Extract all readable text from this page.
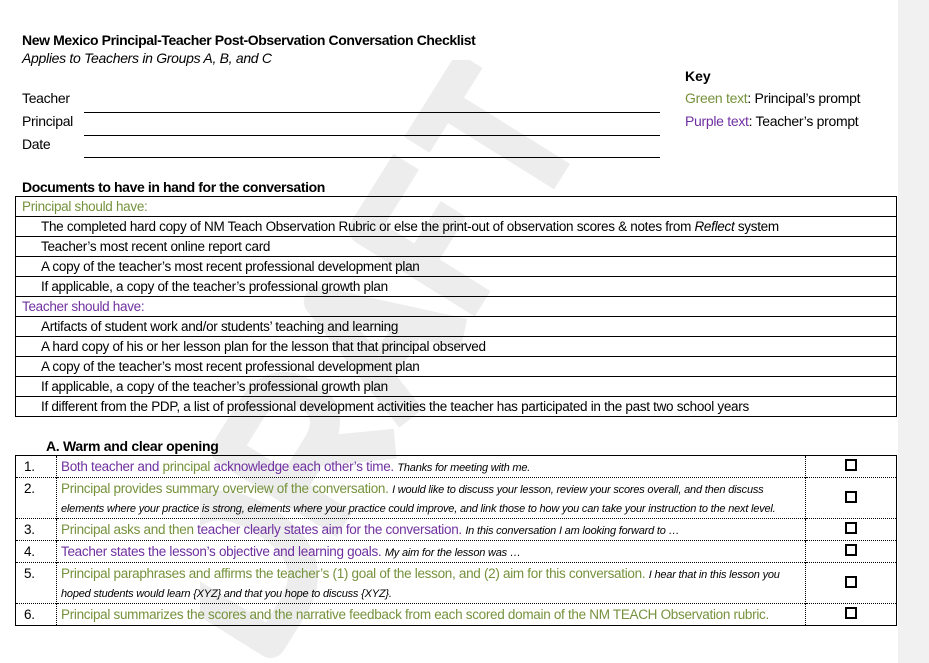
New Mexico Principal-Teacher Post-Observation Conversation Checklist
Applies to Teachers in Groups A, B, and C
Teacher
Principal
Date
Key
Green text: Principal’s prompt
Purple text: Teacher’s prompt
Documents to have in hand for the conversation
Principal should have:
The completed hard copy of NM Teach Observation Rubric or else the print-out of observation scores & notes from Reflect system
Teacher’s most recent online report card
A copy of the teacher’s most recent professional development plan
If applicable, a copy of the teacher’s professional growth plan
Teacher should have:
Artifacts of student work and/or students’ teaching and learning
A hard copy of his or her lesson plan for the lesson that that principal observed
A copy of the teacher’s most recent professional development plan
If applicable, a copy of the teacher’s professional growth plan
If different from the PDP, a list of professional development activities the teacher has participated in the past two school years
A. Warm and clear opening
1.	Both teacher and principal acknowledge each other’s time. Thanks for meeting with me.	
2.	Principal provides summary overview of the conversation. I would like to discuss your lesson, review your scores overall, and then discuss elements where your practice is strong, elements where your practice could improve, and link those to how you can take your instruction to the next level.	
3.	Principal asks and then teacher clearly states aim for the conversation. In this conversation I am looking forward to …	
4.	Teacher states the lesson’s objective and learning goals. My aim for the lesson was …	
5.	Principal paraphrases and affirms the teacher’s (1) goal of the lesson, and (2) aim for this conversation. I hear that in this lesson you hoped students would learn {XYZ} and that you hope to discuss {XYZ}.	
6.	Principal summarizes the scores and the narrative feedback from each scored domain of the NM TEACH Observation rubric.	
